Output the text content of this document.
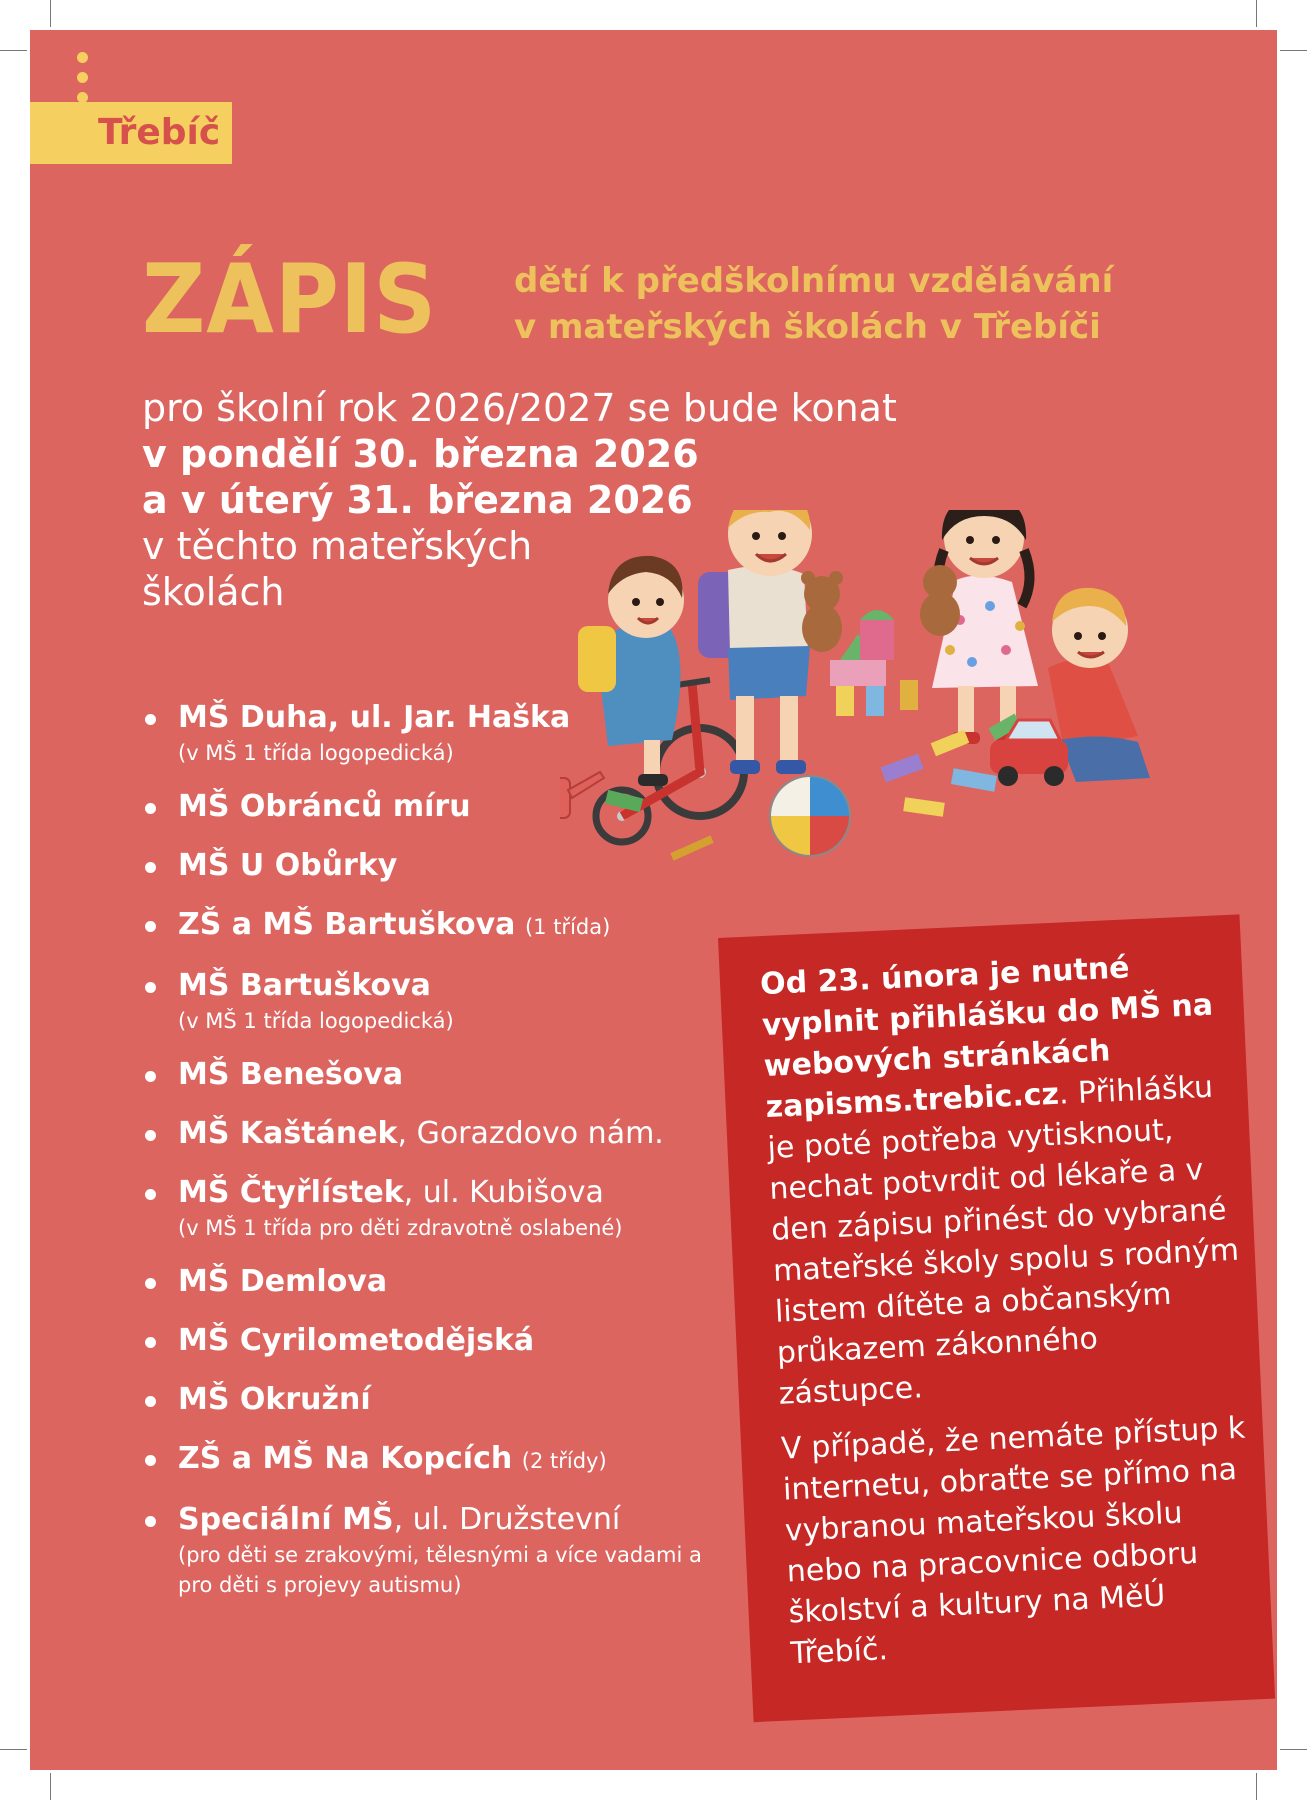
Třebíč
ZÁPIS dětí k předškolnímu vzdělávání
v mateřských školách v Třebíči
pro školní rok 2026/2027 se bude konat
v pondělí 30. března 2026
a v úterý 31. března 2026
v těchto mateřských
školách
MŠ Duha, ul. Jar. Haška
(v MŠ 1 třída logopedická)
MŠ Obránců míru
MŠ U Obůrky
ZŠ a MŠ Bartuškova (1 třída)
MŠ Bartuškova
(v MŠ 1 třída logopedická)
MŠ Benešova
MŠ Kaštánek, Gorazdovo nám.
MŠ Čtyřlístek, ul. Kubišova
(v MŠ 1 třída pro děti zdravotně oslabené)
MŠ Demlova
MŠ Cyrilometodějská
MŠ Okružní
ZŠ a MŠ Na Kopcích (2 třídy)
Speciální MŠ, ul. Družstevní
(pro děti se zrakovými, tělesnými a více vadami a pro děti s projevy autismu)

Od 23. února je nutné vyplnit přihlášku do MŠ na webových stránkách zapisms.trebic.cz. Přihlášku je poté potřeba vytisknout, nechat potvrdit od lékaře a v den zápisu přinést do vybrané mateřské školy spolu s rodným listem dítěte a občanským průkazem zákonného zástupce.

V případě, že nemáte přístup k internetu, obraťte se přímo na vybranou mateřskou školu nebo na pracovnice odboru školství a kultury na MěÚ Třebíč.
